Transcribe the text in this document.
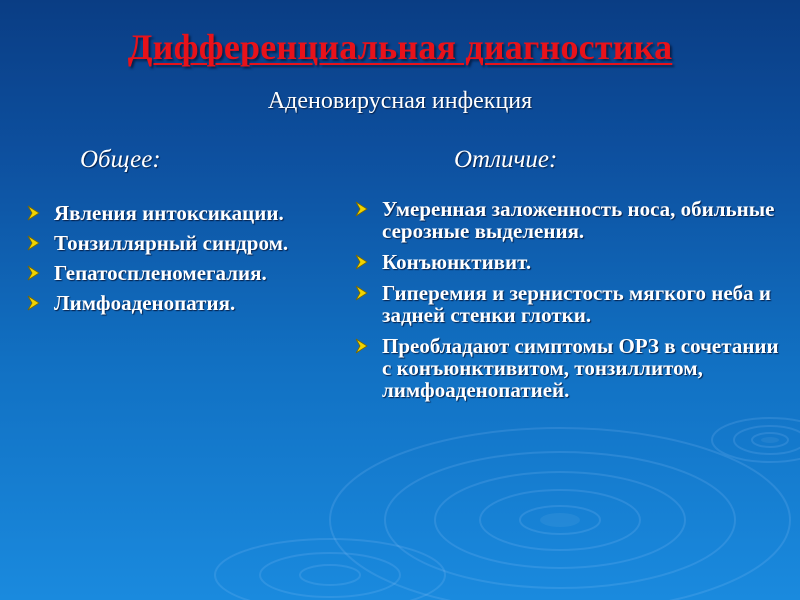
Дифференциальная диагностика
Аденовирусная инфекция
Общее:	Отличие:
Явления интоксикации.
Тонзиллярный синдром.
Гепатоспленомегалия.
Лимфоаденопатия.
Умеренная заложенность носа, обильные серозные выделения.
Конъюнктивит.
Гиперемия и зернистость мягкого неба и задней стенки глотки.
Преобладают симптомы ОРЗ в сочетании с конъюнктивитом, тонзиллитом, лимфоаденопатией.
